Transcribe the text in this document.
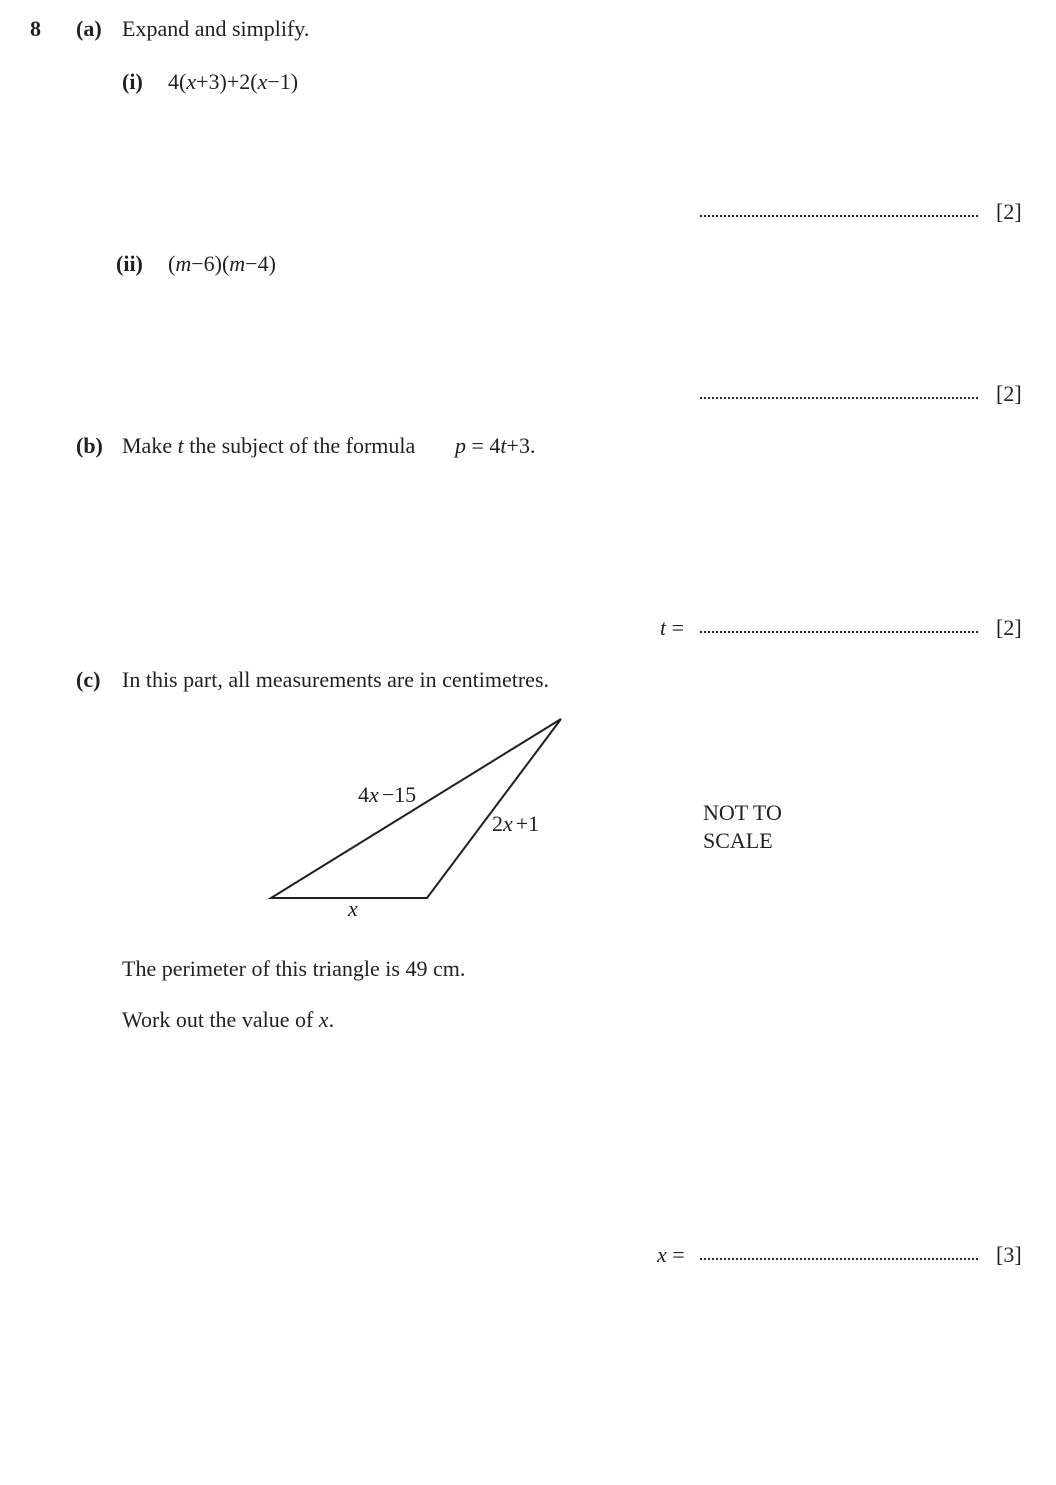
8 (a) Expand and simplify.
(i) 4(x+3)+2(x−1)
[2]
(ii) (m−6)(m−4)
[2]
(b) Make t the subject of the formula p = 4t+3.
t =	[2]
(c) In this part, all measurements are in centimetres.
4x −15
2x +1
x
NOT TO
SCALE
The perimeter of this triangle is 49 cm.
Work out the value of x.
x =	[3]
